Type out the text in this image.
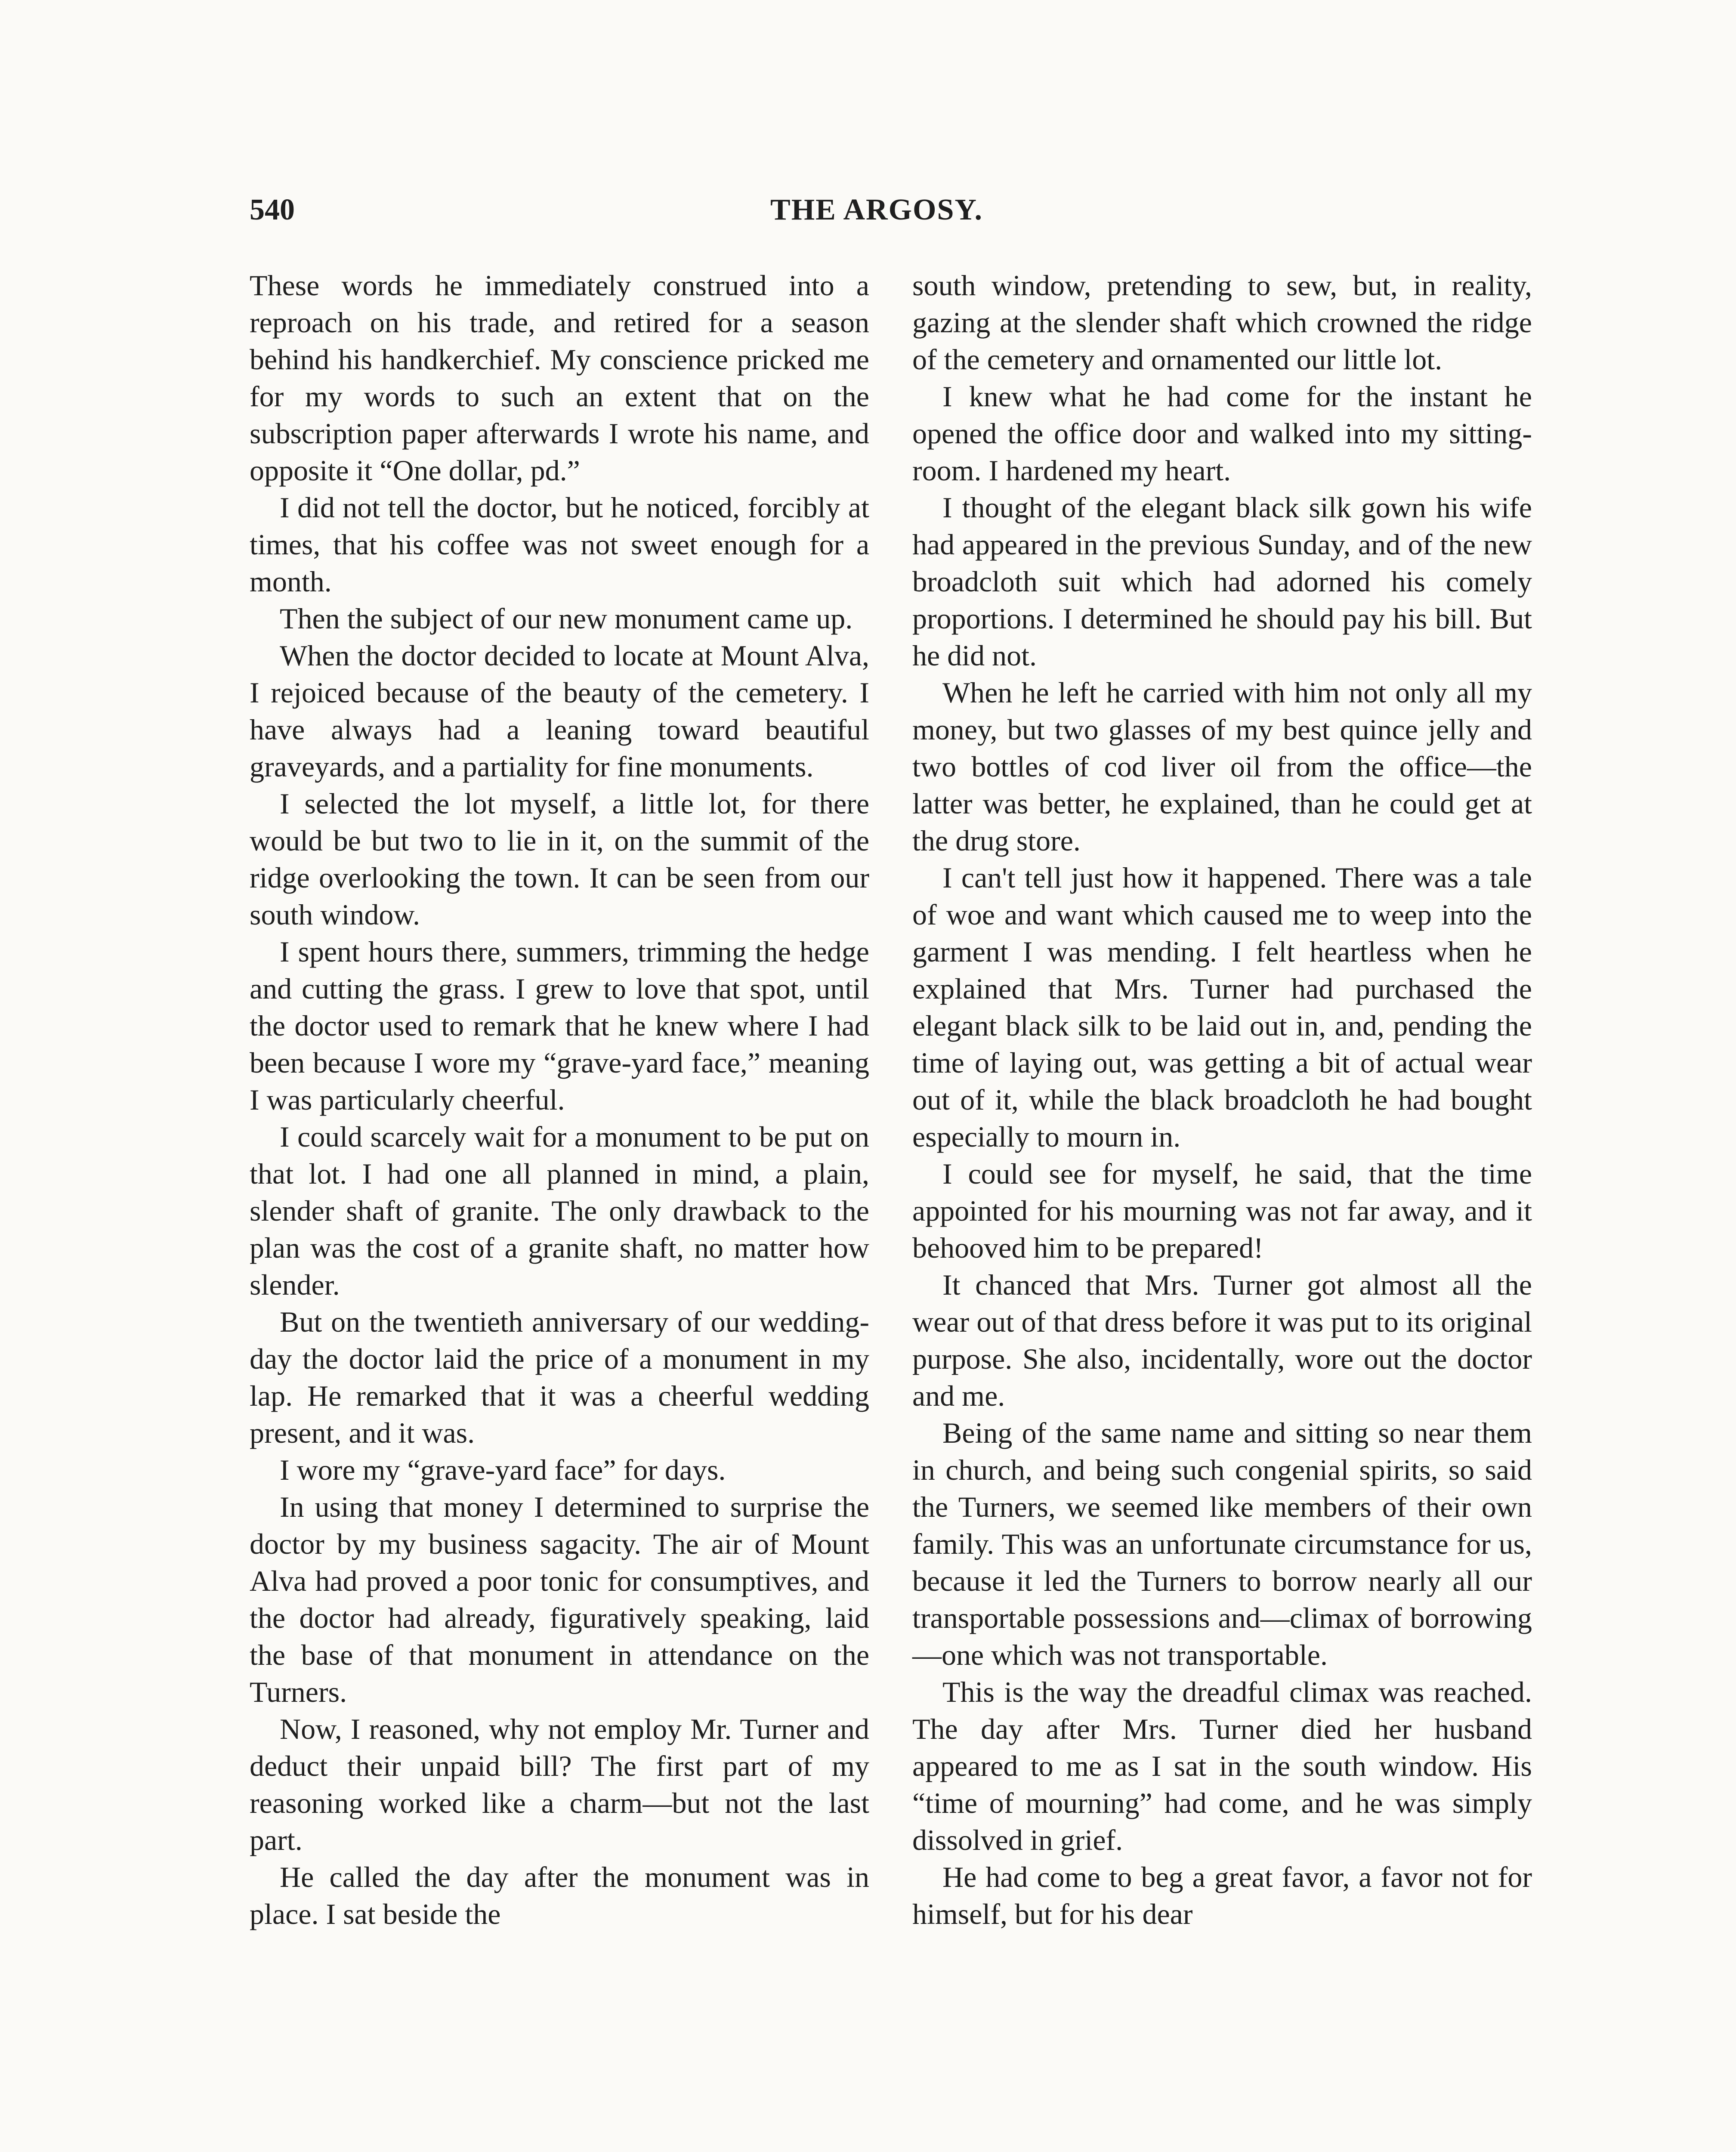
540	THE ARGOSY.

These words he immediately construed into a reproach on his trade, and retired for a season behind his handkerchief. My conscience pricked me for my words to such an extent that on the subscription paper afterwards I wrote his name, and opposite it “One dollar, pd.”

I did not tell the doctor, but he noticed, forcibly at times, that his coffee was not sweet enough for a month.

Then the subject of our new monument came up.

When the doctor decided to locate at Mount Alva, I rejoiced because of the beauty of the cemetery. I have always had a leaning toward beautiful graveyards, and a partiality for fine monuments.

I selected the lot myself, a little lot, for there would be but two to lie in it, on the summit of the ridge overlooking the town. It can be seen from our south window.

I spent hours there, summers, trimming the hedge and cutting the grass. I grew to love that spot, until the doctor used to remark that he knew where I had been because I wore my “grave-yard face,” meaning I was particularly cheerful.

I could scarcely wait for a monument to be put on that lot. I had one all planned in mind, a plain, slender shaft of granite. The only drawback to the plan was the cost of a granite shaft, no matter how slender.

But on the twentieth anniversary of our wedding-day the doctor laid the price of a monument in my lap. He remarked that it was a cheerful wedding present, and it was.

I wore my “grave-yard face” for days.

In using that money I determined to surprise the doctor by my business sagacity. The air of Mount Alva had proved a poor tonic for consumptives, and the doctor had already, figuratively speaking, laid the base of that monument in attendance on the Turners.

Now, I reasoned, why not employ Mr. Turner and deduct their unpaid bill? The first part of my reasoning worked like a charm—but not the last part.

He called the day after the monument was in place. I sat beside the

south window, pretending to sew, but, in reality, gazing at the slender shaft which crowned the ridge of the cemetery and ornamented our little lot.

I knew what he had come for the instant he opened the office door and walked into my sitting-room. I hardened my heart.

I thought of the elegant black silk gown his wife had appeared in the previous Sunday, and of the new broadcloth suit which had adorned his comely proportions. I determined he should pay his bill. But he did not.

When he left he carried with him not only all my money, but two glasses of my best quince jelly and two bottles of cod liver oil from the office—the latter was better, he explained, than he could get at the drug store.

I can't tell just how it happened. There was a tale of woe and want which caused me to weep into the garment I was mending. I felt heartless when he explained that Mrs. Turner had purchased the elegant black silk to be laid out in, and, pending the time of laying out, was getting a bit of actual wear out of it, while the black broadcloth he had bought especially to mourn in.

I could see for myself, he said, that the time appointed for his mourning was not far away, and it behooved him to be prepared!

It chanced that Mrs. Turner got almost all the wear out of that dress before it was put to its original purpose. She also, incidentally, wore out the doctor and me.

Being of the same name and sitting so near them in church, and being such congenial spirits, so said the Turners, we seemed like members of their own family. This was an unfortunate circumstance for us, because it led the Turners to borrow nearly all our transportable possessions and—climax of borrowing—one which was not transportable.

This is the way the dreadful climax was reached. The day after Mrs. Turner died her husband appeared to me as I sat in the south window. His “time of mourning” had come, and he was simply dissolved in grief.

He had come to beg a great favor, a favor not for himself, but for his dear
